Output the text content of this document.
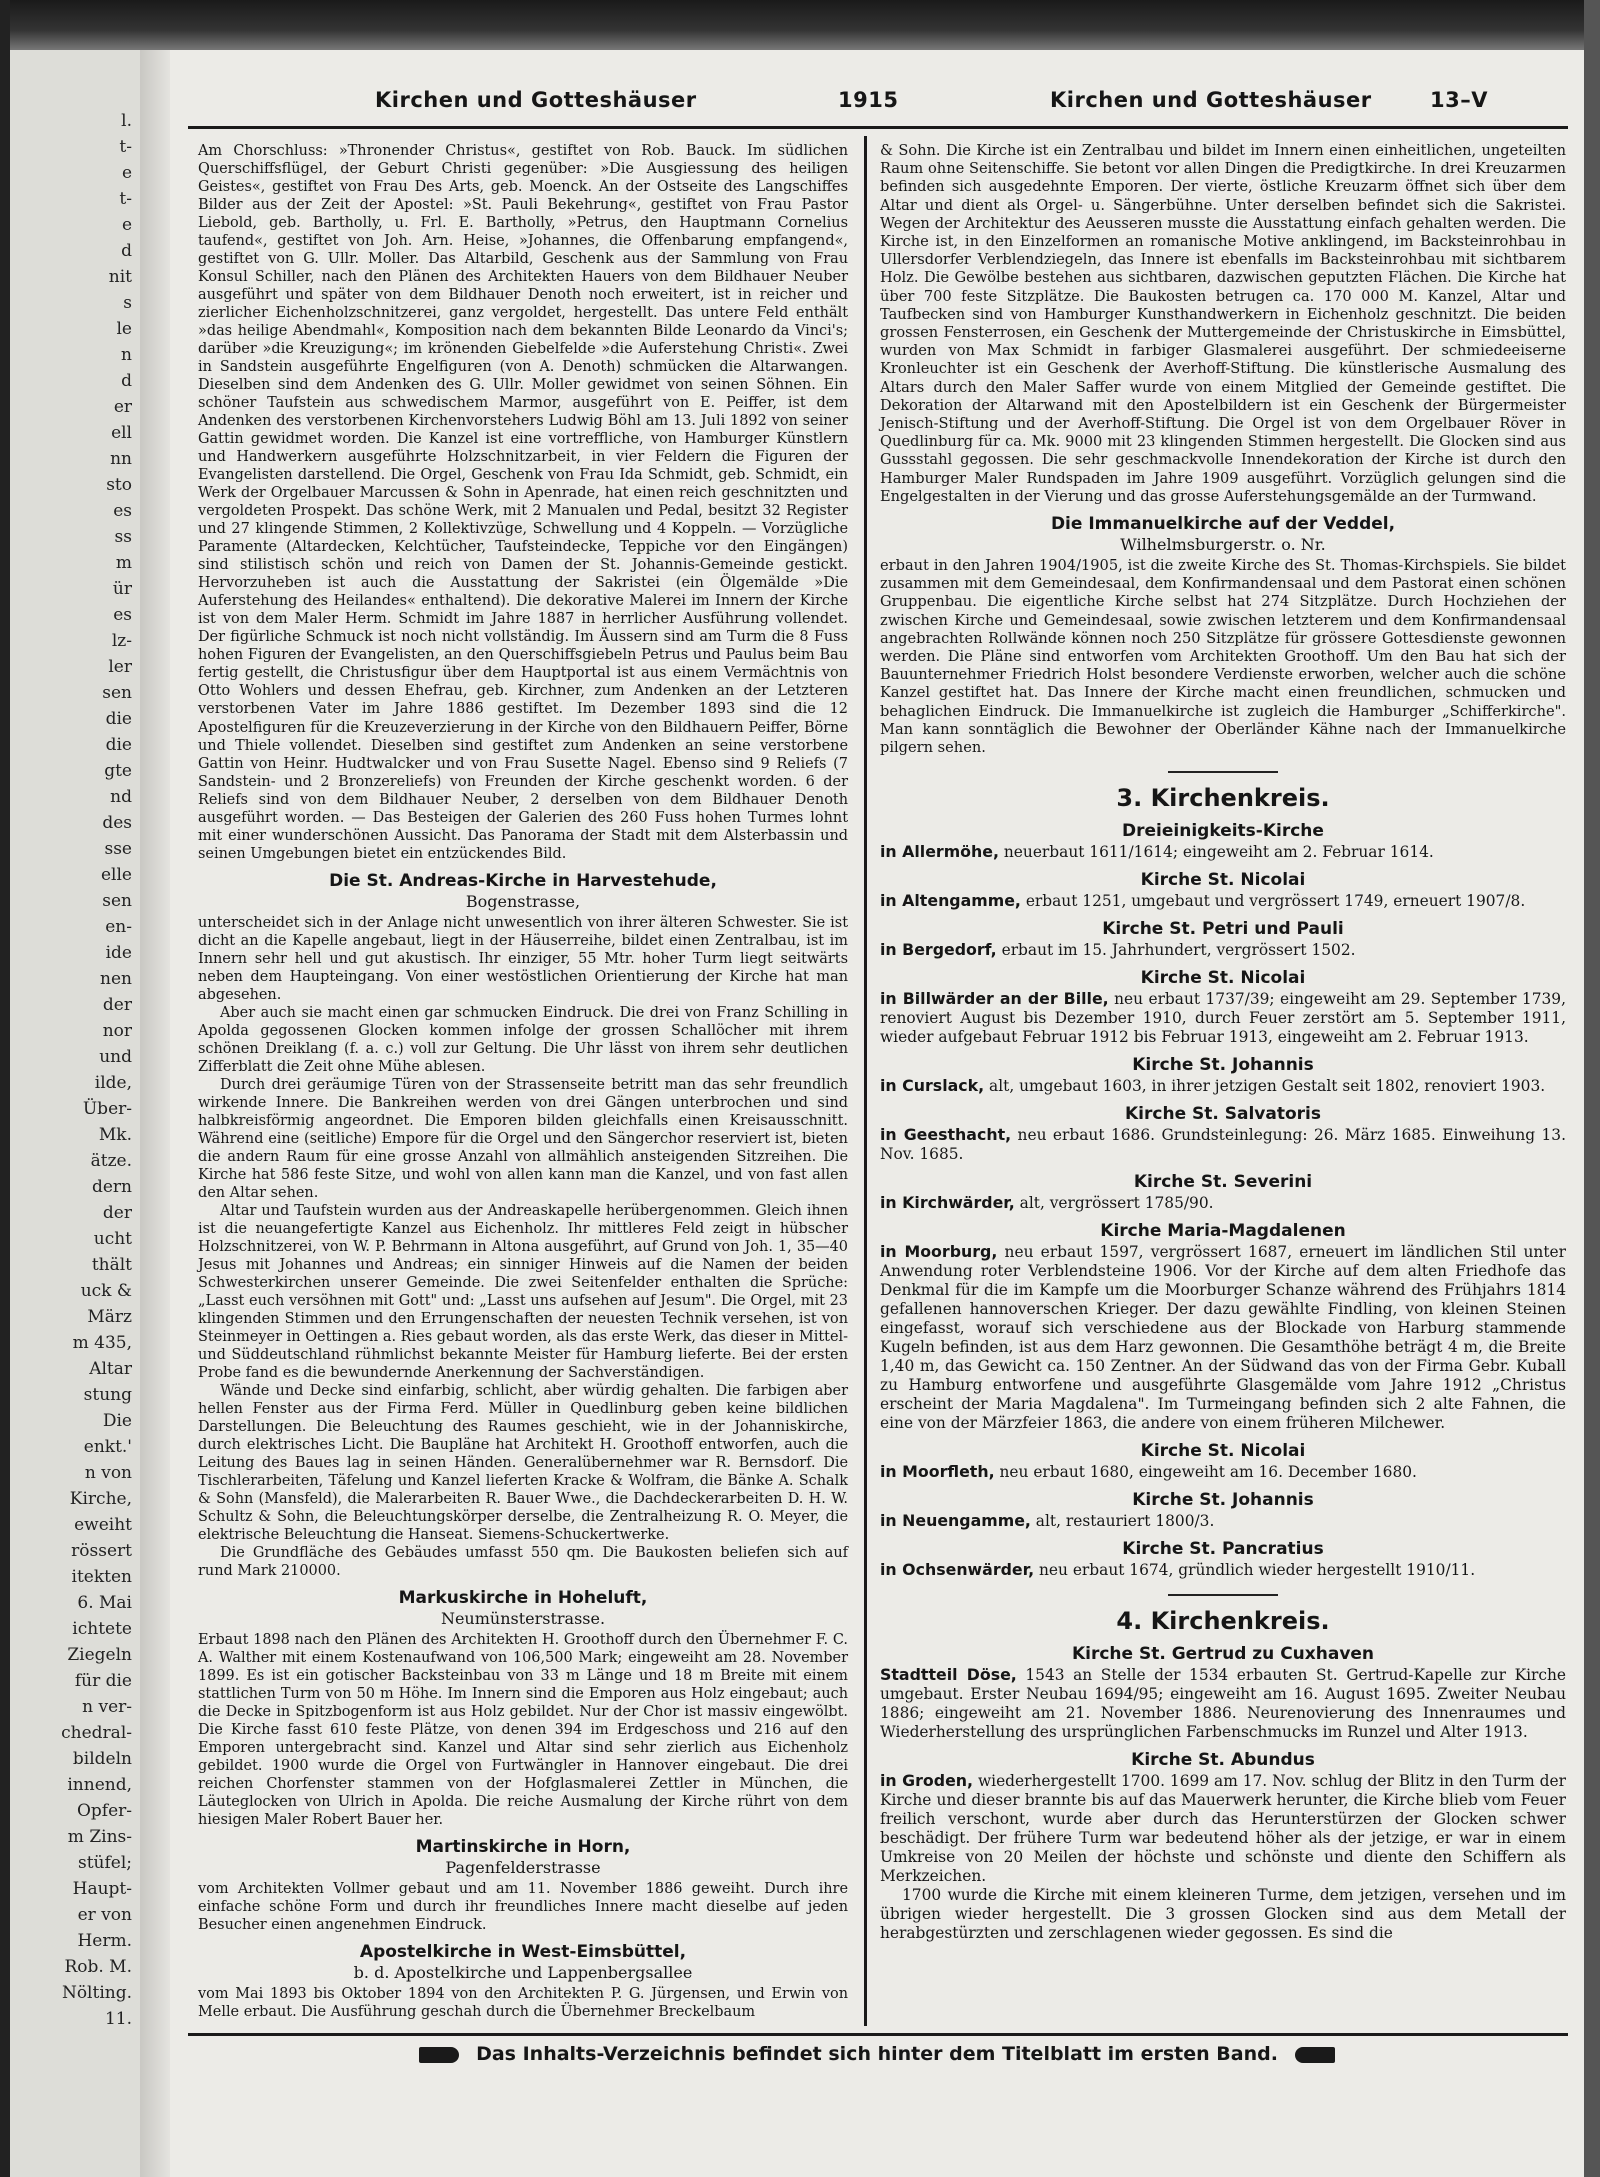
l.
t-
e
t-
e
d
nit
s
le
n
d
er
ell
nn
sto
es
ss
m
ür
es
lz-
ler
sen
die
die
gte
nd
des
sse
elle
sen
en-
ide
nen
der
nor
und
ilde,
Über-
Mk.
ätze.
dern
der
ucht
thält
uck &
März
m 435,
Altar
stung
Die
enkt.'
n von
Kirche,
eweiht
rössert
itekten
6. Mai
ichtete
Ziegeln
für die
n ver-
chedral-
bildeln
innend,
Opfer-
m Zins-
stüfel;
Haupt-
er von
Herm.
Rob. M.
Nölting.
11.
Kirchen und Gotteshäuser	1915	Kirchen und Gotteshäuser	13–V

Am Chorschluss: »Thronender Christus«, gestiftet von Rob. Bauck. Im südlichen Querschiffsflügel, der Geburt Christi gegenüber: »Die Ausgiessung des heiligen Geistes«, gestiftet von Frau Des Arts, geb. Moenck. An der Ostseite des Langschiffes Bilder aus der Zeit der Apostel: »St. Pauli Bekehrung«, gestiftet von Frau Pastor Liebold, geb. Bartholly, u. Frl. E. Bartholly, »Petrus, den Hauptmann Cornelius taufend«, gestiftet von Joh. Arn. Heise, »Johannes, die Offenbarung empfangend«, gestiftet von G. Ullr. Moller. Das Altarbild, Geschenk aus der Sammlung von Frau Konsul Schiller, nach den Plänen des Architekten Hauers von dem Bildhauer Neuber ausgeführt und später von dem Bildhauer Denoth noch erweitert, ist in reicher und zierlicher Eichenholzschnitzerei, ganz vergoldet, hergestellt. Das untere Feld enthält »das heilige Abendmahl«, Komposition nach dem bekannten Bilde Leonardo da Vinci's; darüber »die Kreuzigung«; im krönenden Giebelfelde »die Auferstehung Christi«. Zwei in Sandstein ausgeführte Engelfiguren (von A. Denoth) schmücken die Altarwangen. Dieselben sind dem Andenken des G. Ullr. Moller gewidmet von seinen Söhnen. Ein schöner Taufstein aus schwedischem Marmor, ausgeführt von E. Peiffer, ist dem Andenken des verstorbenen Kirchenvorstehers Ludwig Böhl am 13. Juli 1892 von seiner Gattin gewidmet worden. Die Kanzel ist eine vortreffliche, von Hamburger Künstlern und Handwerkern ausgeführte Holzschnitzarbeit, in vier Feldern die Figuren der Evangelisten darstellend. Die Orgel, Geschenk von Frau Ida Schmidt, geb. Schmidt, ein Werk der Orgelbauer Marcussen & Sohn in Apenrade, hat einen reich geschnitzten und vergoldeten Prospekt. Das schöne Werk, mit 2 Manualen und Pedal, besitzt 32 Register und 27 klingende Stimmen, 2 Kollektivzüge, Schwellung und 4 Koppeln. — Vorzügliche Paramente (Altardecken, Kelchtücher, Taufsteindecke, Teppiche vor den Eingängen) sind stilistisch schön und reich von Damen der St. Johannis-Gemeinde gestickt. Hervorzuheben ist auch die Ausstattung der Sakristei (ein Ölgemälde »Die Auferstehung des Heilandes« enthaltend). Die dekorative Malerei im Innern der Kirche ist von dem Maler Herm. Schmidt im Jahre 1887 in herrlicher Ausführung vollendet. Der figürliche Schmuck ist noch nicht vollständig. Im Äussern sind am Turm die 8 Fuss hohen Figuren der Evangelisten, an den Querschiffsgiebeln Petrus und Paulus beim Bau fertig gestellt, die Christusfigur über dem Hauptportal ist aus einem Vermächtnis von Otto Wohlers und dessen Ehefrau, geb. Kirchner, zum Andenken an der Letzteren verstorbenen Vater im Jahre 1886 gestiftet. Im Dezember 1893 sind die 12 Apostelfiguren für die Kreuzeverzierung in der Kirche von den Bildhauern Peiffer, Börne und Thiele vollendet. Dieselben sind gestiftet zum Andenken an seine verstorbene Gattin von Heinr. Hudtwalcker und von Frau Susette Nagel. Ebenso sind 9 Reliefs (7 Sandstein- und 2 Bronzereliefs) von Freunden der Kirche geschenkt worden. 6 der Reliefs sind von dem Bildhauer Neuber, 2 derselben von dem Bildhauer Denoth ausgeführt worden. — Das Besteigen der Galerien des 260 Fuss hohen Turmes lohnt mit einer wunderschönen Aussicht. Das Panorama der Stadt mit dem Alsterbassin und seinen Umgebungen bietet ein entzückendes Bild.

Die St. Andreas-Kirche in Harvestehude,
Bogenstrasse,

unterscheidet sich in der Anlage nicht unwesentlich von ihrer älteren Schwester. Sie ist dicht an die Kapelle angebaut, liegt in der Häuserreihe, bildet einen Zentralbau, ist im Innern sehr hell und gut akustisch. Ihr einziger, 55 Mtr. hoher Turm liegt seitwärts neben dem Haupteingang. Von einer westöstlichen Orientierung der Kirche hat man abgesehen.

Aber auch sie macht einen gar schmucken Eindruck. Die drei von Franz Schilling in Apolda gegossenen Glocken kommen infolge der grossen Schallöcher mit ihrem schönen Dreiklang (f. a. c.) voll zur Geltung. Die Uhr lässt von ihrem sehr deutlichen Zifferblatt die Zeit ohne Mühe ablesen.

Durch drei geräumige Türen von der Strassenseite betritt man das sehr freundlich wirkende Innere. Die Bankreihen werden von drei Gängen unterbrochen und sind halbkreisförmig angeordnet. Die Emporen bilden gleichfalls einen Kreisausschnitt. Während eine (seitliche) Empore für die Orgel und den Sängerchor reserviert ist, bieten die andern Raum für eine grosse Anzahl von allmählich ansteigenden Sitzreihen. Die Kirche hat 586 feste Sitze, und wohl von allen kann man die Kanzel, und von fast allen den Altar sehen.

Altar und Taufstein wurden aus der Andreaskapelle herübergenommen. Gleich ihnen ist die neuangefertigte Kanzel aus Eichenholz. Ihr mittleres Feld zeigt in hübscher Holzschnitzerei, von W. P. Behrmann in Altona ausgeführt, auf Grund von Joh. 1, 35—40 Jesus mit Johannes und Andreas; ein sinniger Hinweis auf die Namen der beiden Schwesterkirchen unserer Gemeinde. Die zwei Seitenfelder enthalten die Sprüche: „Lasst euch versöhnen mit Gott" und: „Lasst uns aufsehen auf Jesum". Die Orgel, mit 23 klingenden Stimmen und den Errungenschaften der neuesten Technik versehen, ist von Steinmeyer in Oettingen a. Ries gebaut worden, als das erste Werk, das dieser in Mittel- und Süddeutschland rühmlichst bekannte Meister für Hamburg lieferte. Bei der ersten Probe fand es die bewundernde Anerkennung der Sachverständigen.

Wände und Decke sind einfarbig, schlicht, aber würdig gehalten. Die farbigen aber hellen Fenster aus der Firma Ferd. Müller in Quedlinburg geben keine bildlichen Darstellungen. Die Beleuchtung des Raumes geschieht, wie in der Johanniskirche, durch elektrisches Licht. Die Baupläne hat Architekt H. Groothoff entworfen, auch die Leitung des Baues lag in seinen Händen. Generalübernehmer war R. Bernsdorf. Die Tischlerarbeiten, Täfelung und Kanzel lieferten Kracke & Wolfram, die Bänke A. Schalk & Sohn (Mansfeld), die Malerarbeiten R. Bauer Wwe., die Dachdeckerarbeiten D. H. W. Schultz & Sohn, die Beleuchtungskörper derselbe, die Zentralheizung R. O. Meyer, die elektrische Beleuchtung die Hanseat. Siemens-Schuckertwerke.

Die Grundfläche des Gebäudes umfasst 550 qm. Die Baukosten beliefen sich auf rund Mark 210000.

Markuskirche in Hoheluft,
Neumünsterstrasse.

Erbaut 1898 nach den Plänen des Architekten H. Groothoff durch den Übernehmer F. C. A. Walther mit einem Kostenaufwand von 106,500 Mark; eingeweiht am 28. November 1899. Es ist ein gotischer Backsteinbau von 33 m Länge und 18 m Breite mit einem stattlichen Turm von 50 m Höhe. Im Innern sind die Emporen aus Holz eingebaut; auch die Decke in Spitzbogenform ist aus Holz gebildet. Nur der Chor ist massiv eingewölbt. Die Kirche fasst 610 feste Plätze, von denen 394 im Erdgeschoss und 216 auf den Emporen untergebracht sind. Kanzel und Altar sind sehr zierlich aus Eichenholz gebildet. 1900 wurde die Orgel von Furtwängler in Hannover eingebaut. Die drei reichen Chorfenster stammen von der Hofglasmalerei Zettler in München, die Läuteglocken von Ulrich in Apolda. Die reiche Ausmalung der Kirche rührt von dem hiesigen Maler Robert Bauer her.

Martinskirche in Horn,
Pagenfelderstrasse

vom Architekten Vollmer gebaut und am 11. November 1886 geweiht. Durch ihre einfache schöne Form und durch ihr freundliches Innere macht dieselbe auf jeden Besucher einen angenehmen Eindruck.

Apostelkirche in West-Eimsbüttel,
b. d. Apostelkirche und Lappenbergsallee

vom Mai 1893 bis Oktober 1894 von den Architekten P. G. Jürgensen, und Erwin von Melle erbaut. Die Ausführung geschah durch die Übernehmer Breckelbaum

& Sohn. Die Kirche ist ein Zentralbau und bildet im Innern einen einheitlichen, ungeteilten Raum ohne Seitenschiffe. Sie betont vor allen Dingen die Predigtkirche. In drei Kreuzarmen befinden sich ausgedehnte Emporen. Der vierte, östliche Kreuzarm öffnet sich über dem Altar und dient als Orgel- u. Sängerbühne. Unter derselben befindet sich die Sakristei. Wegen der Architektur des Aeusseren musste die Ausstattung einfach gehalten werden. Die Kirche ist, in den Einzelformen an romanische Motive anklingend, im Backsteinrohbau in Ullersdorfer Verblendziegeln, das Innere ist ebenfalls im Backsteinrohbau mit sichtbarem Holz. Die Gewölbe bestehen aus sichtbaren, dazwischen geputzten Flächen. Die Kirche hat über 700 feste Sitzplätze. Die Baukosten betrugen ca. 170 000 M. Kanzel, Altar und Taufbecken sind von Hamburger Kunsthandwerkern in Eichenholz geschnitzt. Die beiden grossen Fensterrosen, ein Geschenk der Muttergemeinde der Christuskirche in Eimsbüttel, wurden von Max Schmidt in farbiger Glasmalerei ausgeführt. Der schmiedeeiserne Kronleuchter ist ein Geschenk der Averhoff-Stiftung. Die künstlerische Ausmalung des Altars durch den Maler Saffer wurde von einem Mitglied der Gemeinde gestiftet. Die Dekoration der Altarwand mit den Apostelbildern ist ein Geschenk der Bürgermeister Jenisch-Stiftung und der Averhoff-Stiftung. Die Orgel ist von dem Orgelbauer Röver in Quedlinburg für ca. Mk. 9000 mit 23 klingenden Stimmen hergestellt. Die Glocken sind aus Gussstahl gegossen. Die sehr geschmackvolle Innendekoration der Kirche ist durch den Hamburger Maler Rundspaden im Jahre 1909 ausgeführt. Vorzüglich gelungen sind die Engelgestalten in der Vierung und das grosse Auferstehungsgemälde an der Turmwand.

Die Immanuelkirche auf der Veddel,
Wilhelmsburgerstr. o. Nr.

erbaut in den Jahren 1904/1905, ist die zweite Kirche des St. Thomas-Kirchspiels. Sie bildet zusammen mit dem Gemeindesaal, dem Konfirmandensaal und dem Pastorat einen schönen Gruppenbau. Die eigentliche Kirche selbst hat 274 Sitzplätze. Durch Hochziehen der zwischen Kirche und Gemeindesaal, sowie zwischen letzterem und dem Konfirmandensaal angebrachten Rollwände können noch 250 Sitzplätze für grössere Gottesdienste gewonnen werden. Die Pläne sind entworfen vom Architekten Groothoff. Um den Bau hat sich der Bauunternehmer Friedrich Holst besondere Verdienste erworben, welcher auch die schöne Kanzel gestiftet hat. Das Innere der Kirche macht einen freundlichen, schmucken und behaglichen Eindruck. Die Immanuelkirche ist zugleich die Hamburger „Schifferkirche". Man kann sonntäglich die Bewohner der Oberländer Kähne nach der Immanuelkirche pilgern sehen.

3. Kirchenkreis.
Dreieinigkeits-Kirche

in Allermöhe, neuerbaut 1611/1614; eingeweiht am 2. Februar 1614.

Kirche St. Nicolai

in Altengamme, erbaut 1251, umgebaut und vergrössert 1749, erneuert 1907/8.

Kirche St. Petri und Pauli

in Bergedorf, erbaut im 15. Jahrhundert, vergrössert 1502.

Kirche St. Nicolai

in Billwärder an der Bille, neu erbaut 1737/39; eingeweiht am 29. September 1739, renoviert August bis Dezember 1910, durch Feuer zerstört am 5. September 1911, wieder aufgebaut Februar 1912 bis Februar 1913, eingeweiht am 2. Februar 1913.

Kirche St. Johannis

in Curslack, alt, umgebaut 1603, in ihrer jetzigen Gestalt seit 1802, renoviert 1903.

Kirche St. Salvatoris

in Geesthacht, neu erbaut 1686. Grundsteinlegung: 26. März 1685. Einweihung 13. Nov. 1685.

Kirche St. Severini

in Kirchwärder, alt, vergrössert 1785/90.

Kirche Maria-Magdalenen

in Moorburg, neu erbaut 1597, vergrössert 1687, erneuert im ländlichen Stil unter Anwendung roter Verblendsteine 1906. Vor der Kirche auf dem alten Friedhofe das Denkmal für die im Kampfe um die Moorburger Schanze während des Frühjahrs 1814 gefallenen hannoverschen Krieger. Der dazu gewählte Findling, von kleinen Steinen eingefasst, worauf sich verschiedene aus der Blockade von Harburg stammende Kugeln befinden, ist aus dem Harz gewonnen. Die Gesamthöhe beträgt 4 m, die Breite 1,40 m, das Gewicht ca. 150 Zentner. An der Südwand das von der Firma Gebr. Kuball zu Hamburg entworfene und ausgeführte Glasgemälde vom Jahre 1912 „Christus erscheint der Maria Magdalena". Im Turmeingang befinden sich 2 alte Fahnen, die eine von der Märzfeier 1863, die andere von einem früheren Milchewer.

Kirche St. Nicolai

in Moorfleth, neu erbaut 1680, eingeweiht am 16. December 1680.

Kirche St. Johannis

in Neuengamme, alt, restauriert 1800/3.

Kirche St. Pancratius

in Ochsenwärder, neu erbaut 1674, gründlich wieder hergestellt 1910/11.

4. Kirchenkreis.
Kirche St. Gertrud zu Cuxhaven

Stadtteil Döse, 1543 an Stelle der 1534 erbauten St. Gertrud-Kapelle zur Kirche umgebaut. Erster Neubau 1694/95; eingeweiht am 16. August 1695. Zweiter Neubau 1886; eingeweiht am 21. November 1886. Neurenovierung des Innenraumes und Wiederherstellung des ursprünglichen Farbenschmucks im Runzel und Alter 1913.

Kirche St. Abundus

in Groden, wiederhergestellt 1700. 1699 am 17. Nov. schlug der Blitz in den Turm der Kirche und dieser brannte bis auf das Mauerwerk herunter, die Kirche blieb vom Feuer freilich verschont, wurde aber durch das Herunterstürzen der Glocken schwer beschädigt. Der frühere Turm war bedeutend höher als der jetzige, er war in einem Umkreise von 20 Meilen der höchste und schönste und diente den Schiffern als Merkzeichen.

1700 wurde die Kirche mit einem kleineren Turme, dem jetzigen, versehen und im übrigen wieder hergestellt. Die 3 grossen Glocken sind aus dem Metall der herabgestürzten und zerschlagenen wieder gegossen. Es sind die

Das Inhalts-Verzeichnis befindet sich hinter dem Titelblatt im ersten Band.
